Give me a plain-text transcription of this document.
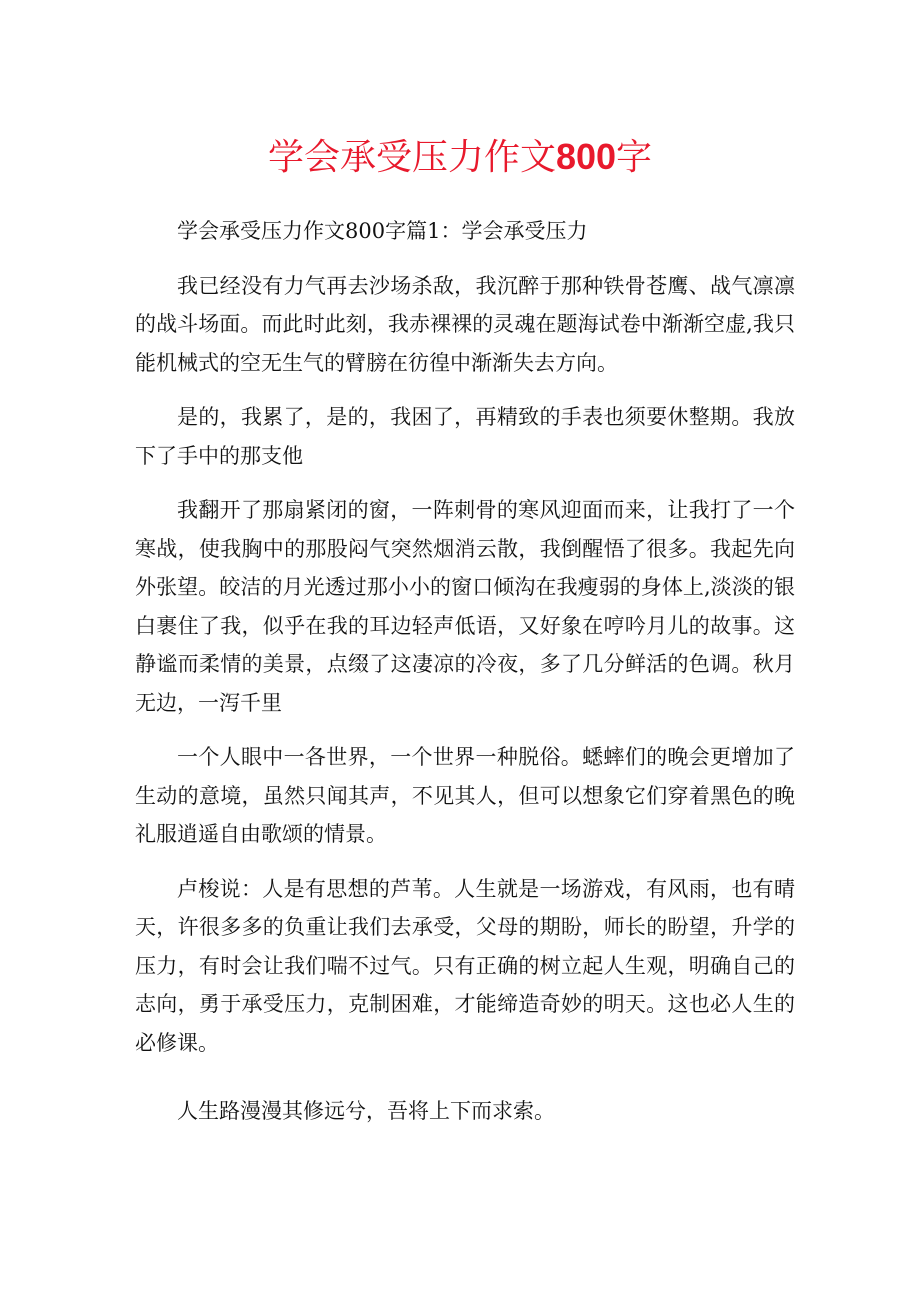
学会承受压力作文800字

学会承受压力作文800字篇1：学会承受压力

我已经没有力气再去沙场杀敌，我沉醉于那种铁骨苍鹰、战气凛凛的战斗场面。而此时此刻，我赤裸裸的灵魂在题海试卷中渐渐空虚,我只能机械式的空无生气的臂膀在彷徨中渐渐失去方向。

是的，我累了，是的，我困了，再精致的手表也须要休整期。我放下了手中的那支他

我翻开了那扇紧闭的窗，一阵刺骨的寒风迎面而来，让我打了一个寒战，使我胸中的那股闷气突然烟消云散，我倒醒悟了很多。我起先向外张望。皎洁的月光透过那小小的窗口倾沟在我瘦弱的身体上,淡淡的银白裹住了我，似乎在我的耳边轻声低语，又好象在哼吟月儿的故事。这静谧而柔情的美景，点缀了这凄凉的冷夜，多了几分鲜活的色调。秋月无边，一泻千里

一个人眼中一各世界，一个世界一种脱俗。蟋蟀们的晚会更增加了生动的意境，虽然只闻其声，不见其人，但可以想象它们穿着黑色的晚礼服逍遥自由歌颂的情景。

卢梭说：人是有思想的芦苇。人生就是一场游戏，有风雨，也有晴天，许很多多的负重让我们去承受，父母的期盼，师长的盼望，升学的压力，有时会让我们喘不过气。只有正确的树立起人生观，明确自己的志向，勇于承受压力，克制困难，才能缔造奇妙的明天。这也必人生的必修课。

人生路漫漫其修远兮，吾将上下而求索。
